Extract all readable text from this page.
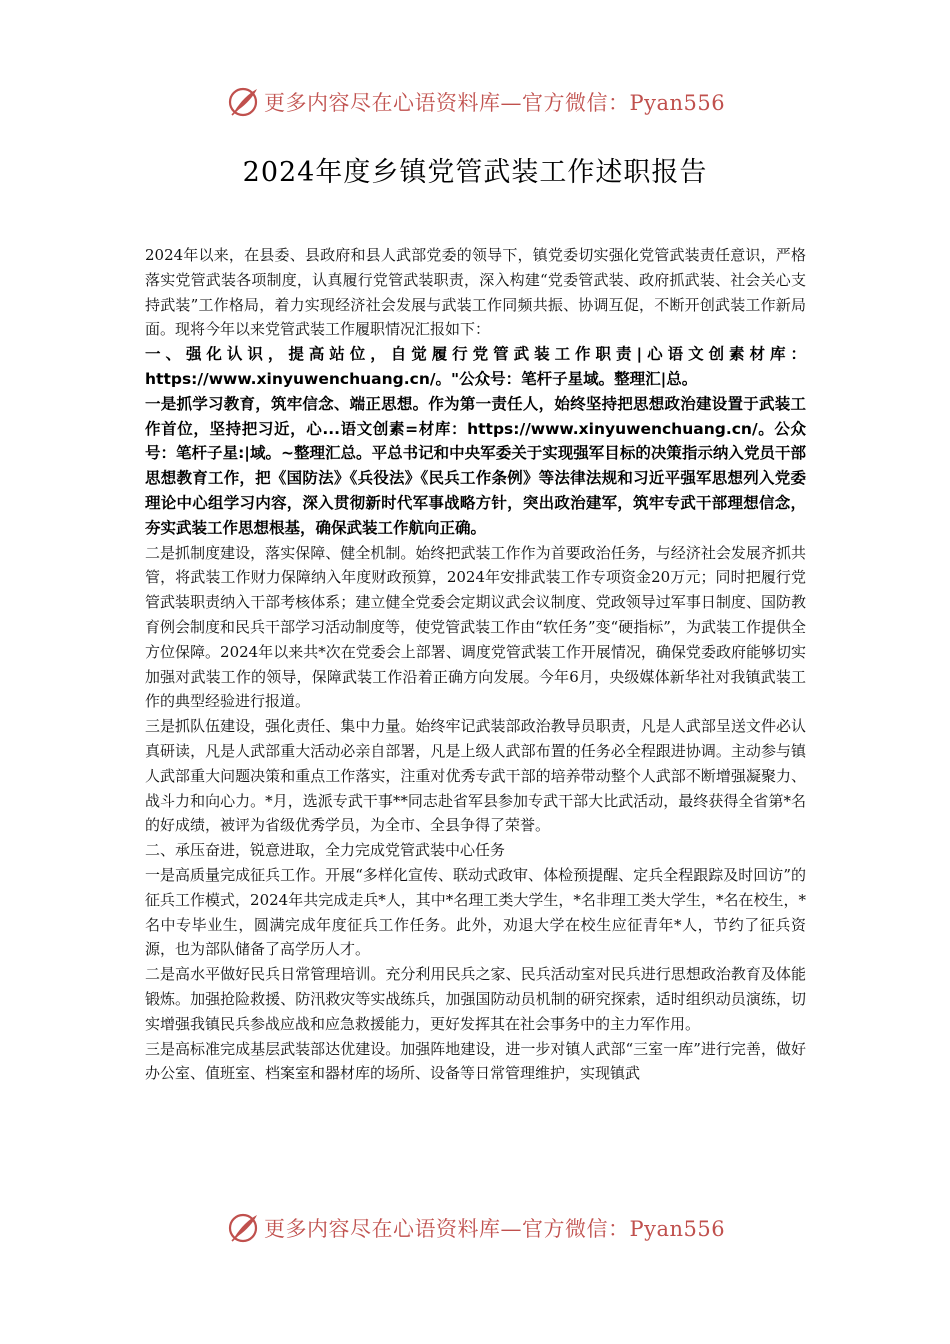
更多内容尽在心语资料库—官方微信：Pyan556
2024年度乡镇党管武装工作述职报告

2024年以来，在县委、县政府和县人武部党委的领导下，镇党委切实强化党管武装责任意识，严格落实党管武装各项制度，认真履行党管武装职责，深入构建“党委管武装、政府抓武装、社会关心支持武装”工作格局，着力实现经济社会发展与武装工作同频共振、协调互促，不断开创武装工作新局面。现将今年以来党管武装工作履职情况汇报如下：

一、强化认识，提高站位，自觉履行党管武装工作职责|心语文创素材库：https://www.xinyuwenchuang.cn/。"公众号：笔杆子星域。整理汇|总。

一是抓学习教育，筑牢信念、端正思想。作为第一责任人，始终坚持把思想政治建设置于武装工作首位，坚持把习近，心...语文创素=材库：https://www.xinyuwenchuang.cn/。公众号：笔杆子星:|域。~整理汇总。平总书记和中央军委关于实现强军目标的决策指示纳入党员干部思想教育工作，把《国防法》《兵役法》《民兵工作条例》等法律法规和习近平强军思想列入党委理论中心组学习内容，深入贯彻新时代军事战略方针，突出政治建军，筑牢专武干部理想信念，夯实武装工作思想根基，确保武装工作航向正确。

二是抓制度建设，落实保障、健全机制。始终把武装工作作为首要政治任务，与经济社会发展齐抓共管，将武装工作财力保障纳入年度财政预算，2024年安排武装工作专项资金20万元；同时把履行党管武装职责纳入干部考核体系；建立健全党委会定期议武会议制度、党政领导过军事日制度、国防教育例会制度和民兵干部学习活动制度等，使党管武装工作由“软任务”变“硬指标”，为武装工作提供全方位保障。2024年以来共*次在党委会上部署、调度党管武装工作开展情况，确保党委政府能够切实加强对武装工作的领导，保障武装工作沿着正确方向发展。今年6月，央级媒体新华社对我镇武装工作的典型经验进行报道。

三是抓队伍建设，强化责任、集中力量。始终牢记武装部政治教导员职责，凡是人武部呈送文件必认真研读，凡是人武部重大活动必亲自部署，凡是上级人武部布置的任务必全程跟进协调。主动参与镇人武部重大问题决策和重点工作落实，注重对优秀专武干部的培养带动整个人武部不断增强凝聚力、战斗力和向心力。*月，选派专武干事**同志赴省军县参加专武干部大比武活动，最终获得全省第*名的好成绩，被评为省级优秀学员，为全市、全县争得了荣誉。

二、承压奋进，锐意进取，全力完成党管武装中心任务

一是高质量完成征兵工作。开展“多样化宣传、联动式政审、体检预提醒、定兵全程跟踪及时回访”的征兵工作模式，2024年共完成走兵*人，其中*名理工类大学生，*名非理工类大学生，*名在校生，*名中专毕业生，圆满完成年度征兵工作任务。此外，劝退大学在校生应征青年*人，节约了征兵资源，也为部队储备了高学历人才。

二是高水平做好民兵日常管理培训。充分利用民兵之家、民兵活动室对民兵进行思想政治教育及体能锻炼。加强抢险救援、防汛救灾等实战练兵，加强国防动员机制的研究探索，适时组织动员演练，切实增强我镇民兵参战应战和应急救援能力，更好发挥其在社会事务中的主力军作用。

三是高标准完成基层武装部达优建设。加强阵地建设，进一步对镇人武部“三室一库”进行完善，做好办公室、值班室、档案室和器材库的场所、设备等日常管理维护，实现镇武

更多内容尽在心语资料库—官方微信：Pyan556
